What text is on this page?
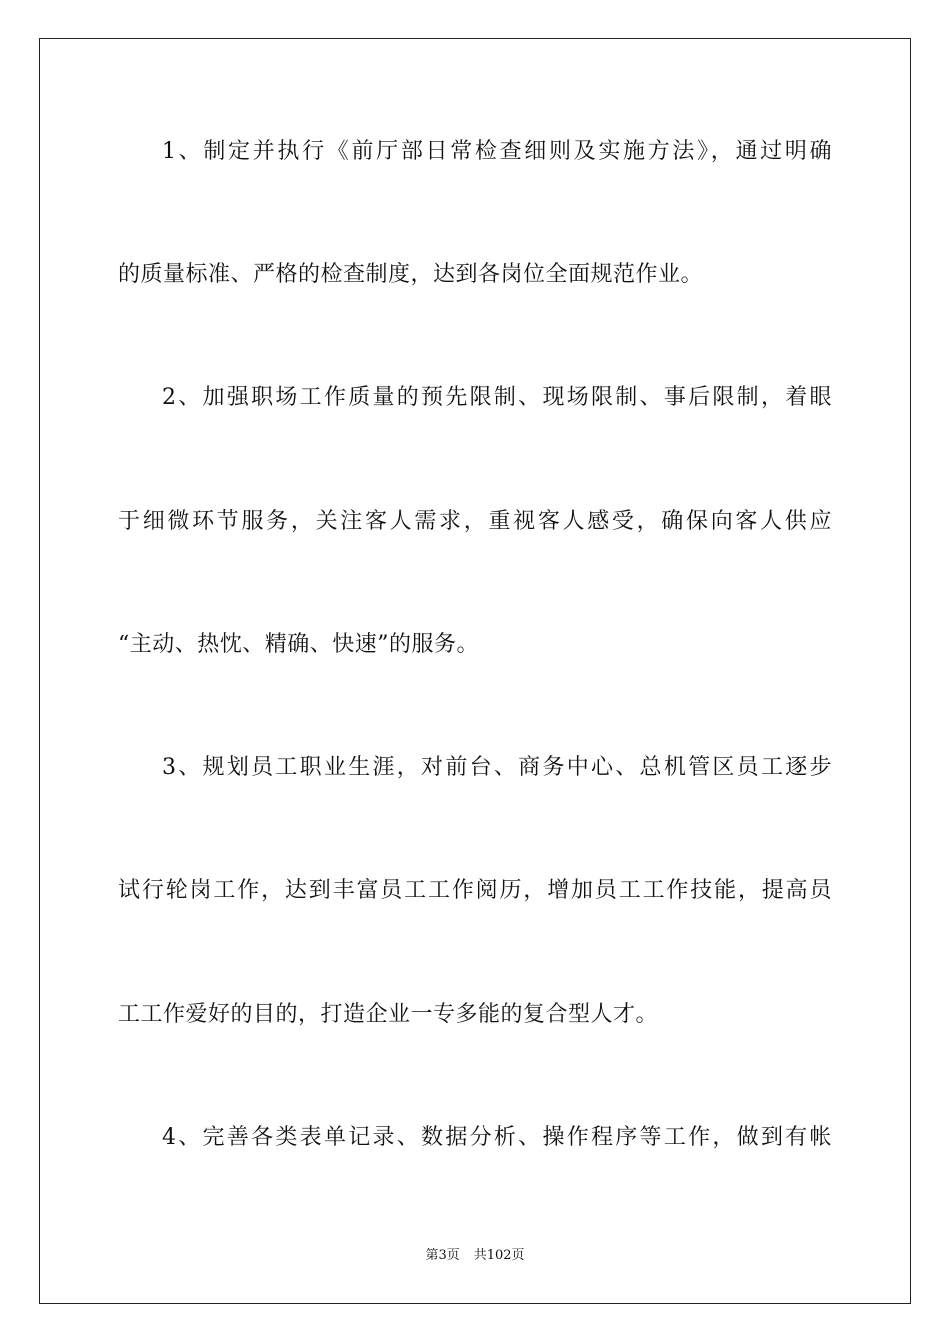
1、制定并执行《前厅部日常检查细则及实施方法》，通过明确
的质量标准、严格的检查制度，达到各岗位全面规范作业。
2、加强职场工作质量的预先限制、现场限制、事后限制，着眼
于细微环节服务，关注客人需求，重视客人感受，确保向客人供应
“主动、热忱、精确、快速”的服务。
3、规划员工职业生涯，对前台、商务中心、总机管区员工逐步
试行轮岗工作，达到丰富员工工作阅历，增加员工工作技能，提高员
工工作爱好的目的，打造企业一专多能的复合型人才。
4、完善各类表单记录、数据分析、操作程序等工作，做到有帐
第3页 共102页
